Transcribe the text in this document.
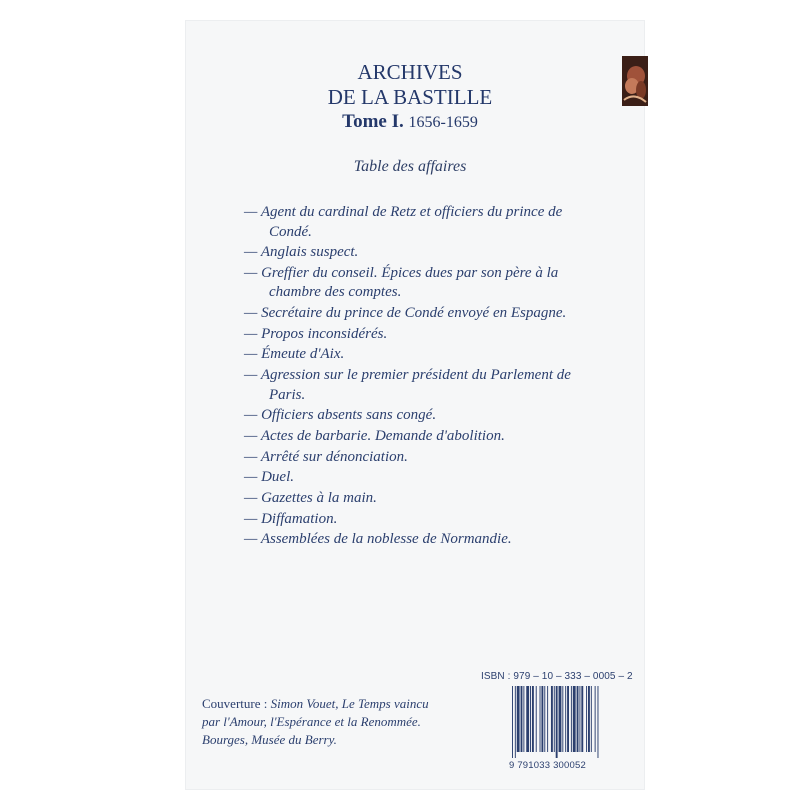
ARCHIVES
DE LA BASTILLE
Tome I. 1656-1659
Table des affaires
— Agent du cardinal de Retz et officiers du prince de Condé.
— Anglais suspect.
— Greffier du conseil. Épices dues par son père à la chambre des comptes.
— Secrétaire du prince de Condé envoyé en Espagne.
— Propos inconsidérés.
— Émeute d'Aix.
— Agression sur le premier président du Parlement de Paris.
— Officiers absents sans congé.
— Actes de barbarie. Demande d'abolition.
— Arrêté sur dénonciation.
— Duel.
— Gazettes à la main.
— Diffamation.
— Assemblées de la noblesse de Normandie.
ISBN : 979 – 10 – 333 – 0005 – 2
9 791033 300052
Couverture : Simon Vouet, Le Temps vaincu
par l'Amour, l'Espérance et la Renommée.
Bourges, Musée du Berry.
